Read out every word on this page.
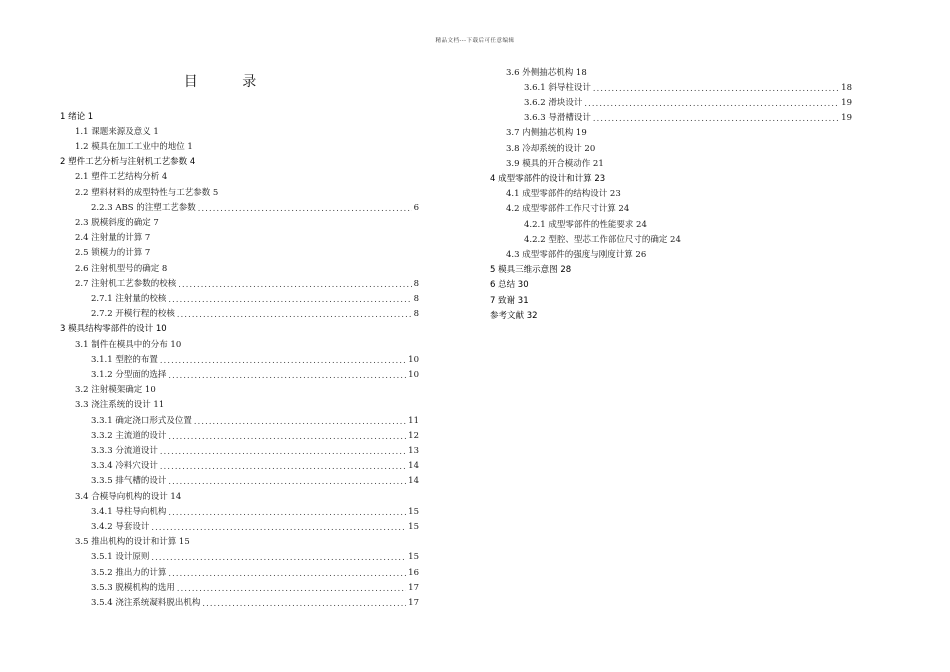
精品文档---下载后可任意编辑
目 录
1 绪论 1
1.1 课题来源及意义 1
1.2 模具在加工工业中的地位 1
2 塑件工艺分析与注射机工艺参数 4
2.1 塑件工艺结构分析 4
2.2 塑料材料的成型特性与工艺参数 5
2.2.3 ABS 的注塑工艺参数 .....	6
2.3 脱模斜度的确定 7
2.4 注射量的计算 7
2.5 锁模力的计算 7
2.6 注射机型号的确定 8
2.7 注射机工艺参数的校核 .....	8
2.7.1 注射量的校核 .....	8
2.7.2 开模行程的校核 .....	8
3 模具结构零部件的设计 10
3.1 制件在模具中的分布 10
3.1.1 型腔的布置 .....	10
3.1.2 分型面的选择 .....	10
3.2 注射模架确定 10
3.3 浇注系统的设计 11
3.3.1 确定浇口形式及位置 .....	11
3.3.2 主流道的设计 .....	12
3.3.3 分流道设计 .....	13
3.3.4 冷料穴设计 .....	14
3.3.5 排气槽的设计 .....	14
3.4 合模导向机构的设计 14
3.4.1 导柱导向机构 .....	15
3.4.2 导套设计 .....	15
3.5 推出机构的设计和计算 15
3.5.1 设计原则 .....	15
3.5.2 推出力的计算 .....	16
3.5.3 脱模机构的选用 .....	17
3.5.4 浇注系统凝料脱出机构 .....	17
3.6 外侧抽芯机构 18
3.6.1 斜导柱设计 .....	18
3.6.2 滑块设计 .....	19
3.6.3 导滑槽设计 .....	19
3.7 内侧抽芯机构 19
3.8 冷却系统的设计 20
3.9 模具的开合模动作 21
4 成型零部件的设计和计算 23
4.1 成型零部件的结构设计 23
4.2 成型零部件工作尺寸计算 24
4.2.1 成型零部件的性能要求 24
4.2.2 型腔、型芯工作部位尺寸的确定 24
4.3 成型零部件的强度与刚度计算 26
5 模具三维示意图 28
6 总结 30
7 致谢 31
参考文献 32
